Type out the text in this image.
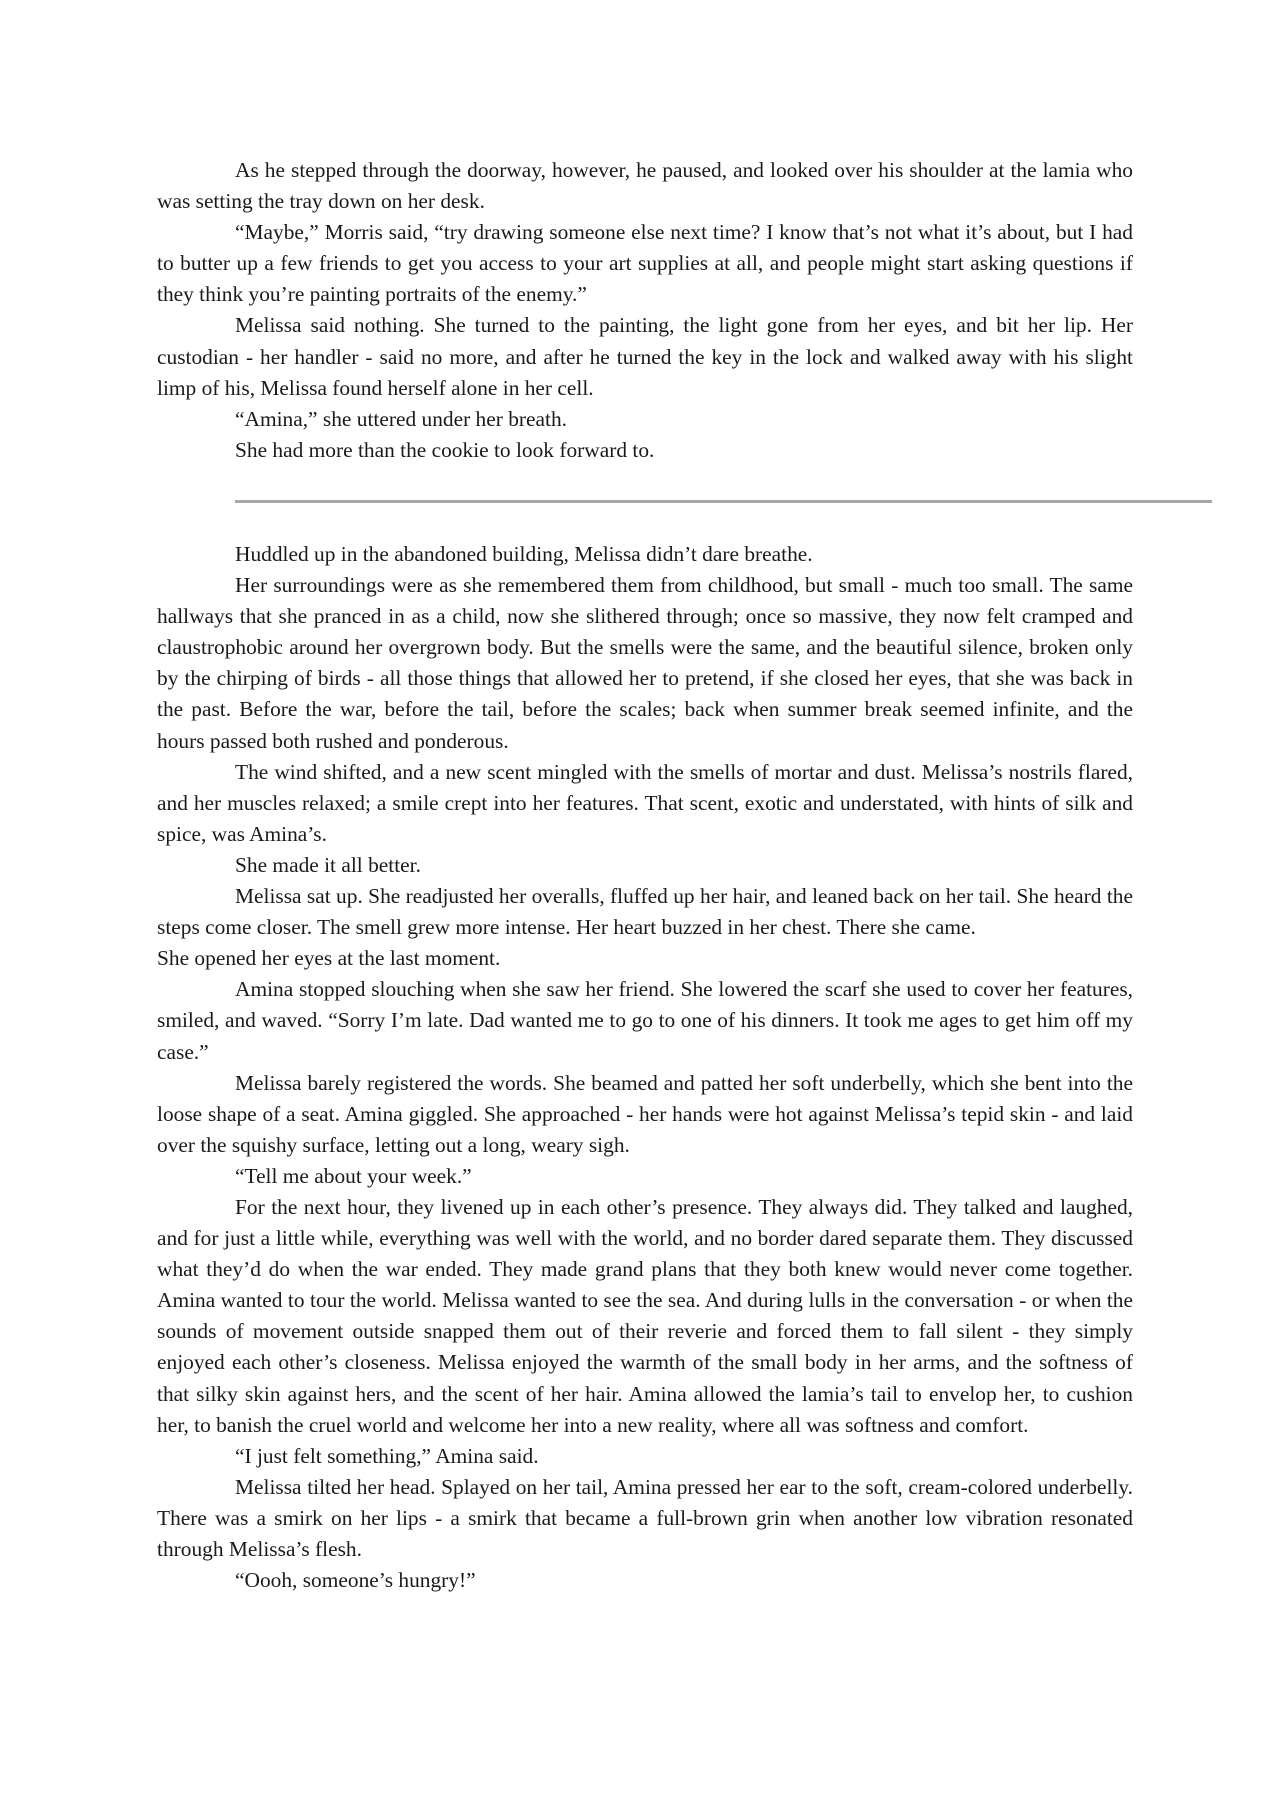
As he stepped through the doorway, however, he paused, and looked over his shoulder at the lamia who was setting the tray down on her desk.

“Maybe,” Morris said, “try drawing someone else next time? I know that’s not what it’s about, but I had to butter up a few friends to get you access to your art supplies at all, and people might start asking questions if they think you’re painting portraits of the enemy.”

Melissa said nothing. She turned to the painting, the light gone from her eyes, and bit her lip. Her custodian - her handler - said no more, and after he turned the key in the lock and walked away with his slight limp of his, Melissa found herself alone in her cell.

“Amina,” she uttered under her breath.

She had more than the cookie to look forward to.

Huddled up in the abandoned building, Melissa didn’t dare breathe.

Her surroundings were as she remembered them from childhood, but small - much too small. The same hallways that she pranced in as a child, now she slithered through; once so massive, they now felt cramped and claustrophobic around her overgrown body. But the smells were the same, and the beautiful silence, broken only by the chirping of birds - all those things that allowed her to pretend, if she closed her eyes, that she was back in the past. Before the war, before the tail, before the scales; back when summer break seemed infinite, and the hours passed both rushed and ponderous.

The wind shifted, and a new scent mingled with the smells of mortar and dust. Melissa’s nostrils flared, and her muscles relaxed; a smile crept into her features. That scent, exotic and understated, with hints of silk and spice, was Amina’s.

She made it all better.

Melissa sat up. She readjusted her overalls, fluffed up her hair, and leaned back on her tail. She heard the steps come closer. The smell grew more intense. Her heart buzzed in her chest. There she came.

She opened her eyes at the last moment.

Amina stopped slouching when she saw her friend. She lowered the scarf she used to cover her features, smiled, and waved. “Sorry I’m late. Dad wanted me to go to one of his dinners. It took me ages to get him off my case.”

Melissa barely registered the words. She beamed and patted her soft underbelly, which she bent into the loose shape of a seat. Amina giggled. She approached - her hands were hot against Melissa’s tepid skin - and laid over the squishy surface, letting out a long, weary sigh.

“Tell me about your week.”

For the next hour, they livened up in each other’s presence. They always did. They talked and laughed, and for just a little while, everything was well with the world, and no border dared separate them. They discussed what they’d do when the war ended. They made grand plans that they both knew would never come together. Amina wanted to tour the world. Melissa wanted to see the sea. And during lulls in the conversation - or when the sounds of movement outside snapped them out of their reverie and forced them to fall silent - they simply enjoyed each other’s closeness. Melissa enjoyed the warmth of the small body in her arms, and the softness of that silky skin against hers, and the scent of her hair. Amina allowed the lamia’s tail to envelop her, to cushion her, to banish the cruel world and welcome her into a new reality, where all was softness and comfort.

“I just felt something,” Amina said.

Melissa tilted her head. Splayed on her tail, Amina pressed her ear to the soft, cream-colored underbelly. There was a smirk on her lips - a smirk that became a full-brown grin when another low vibration resonated through Melissa’s flesh.

“Oooh, someone’s hungry!”
